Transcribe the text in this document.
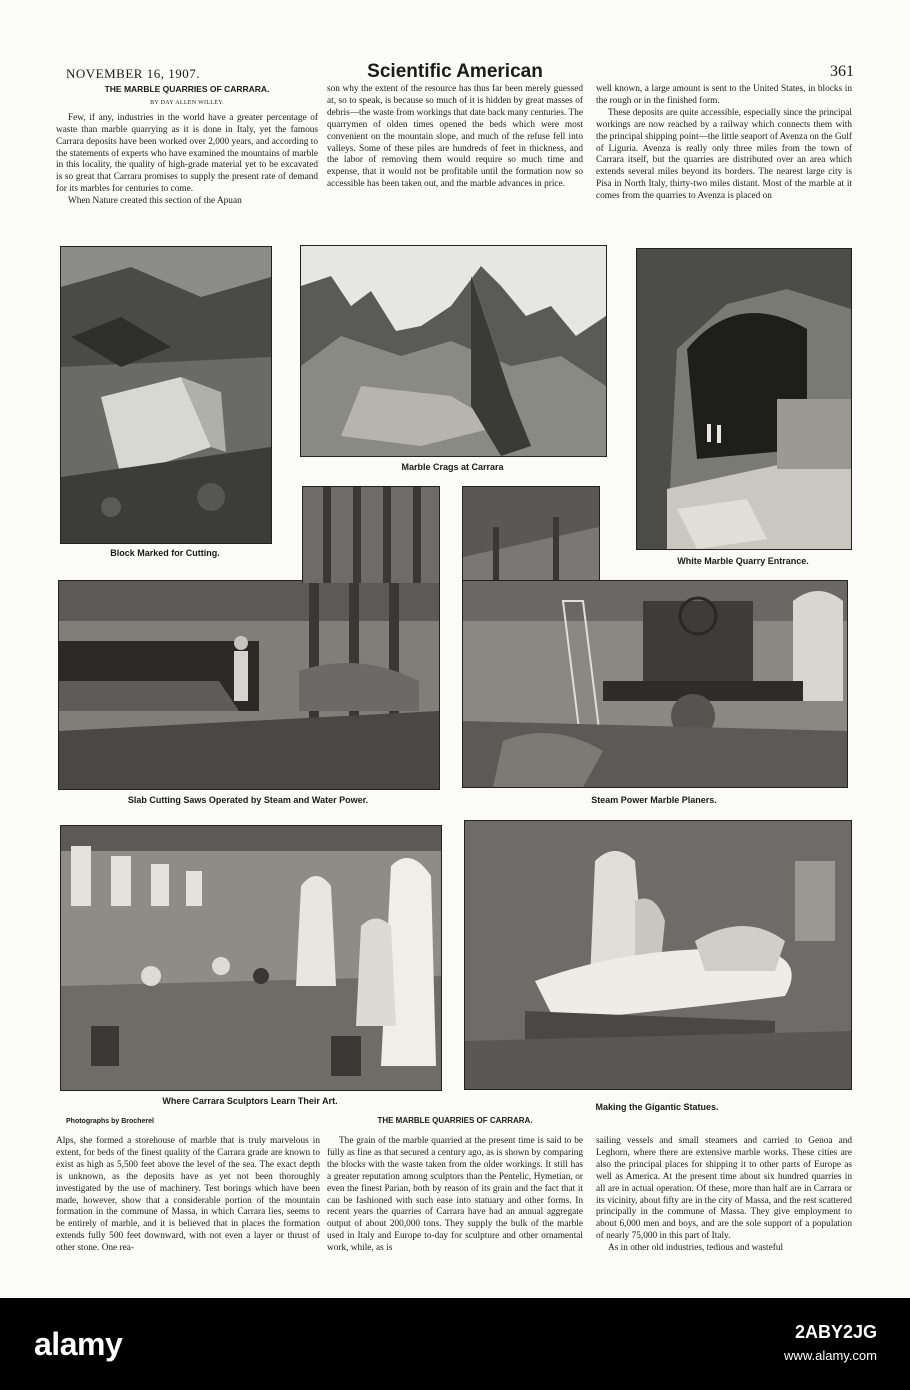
NOVEMBER 16, 1907.	Scientific American	361
THE MARBLE QUARRIES OF CARRARA.
BY DAY ALLEN WILLEY.

Few, if any, industries in the world have a greater percentage of waste than marble quarrying as it is done in Italy, yet the famous Carrara deposits have been worked over 2,000 years, and according to the statements of experts who have examined the mountains of marble in this locality, the quality of high-grade material yet to be excavated is so great that Carrara promises to supply the present rate of demand for its marbles for centuries to come.

When Nature created this section of the Apuan

son why the extent of the resource has thus far been merely guessed at, so to speak, is because so much of it is hidden by great masses of debris—the waste from workings that date back many centuries. The quarrymen of olden times opened the beds which were most convenient on the mountain slope, and much of the refuse fell into valleys. Some of these piles are hundreds of feet in thickness, and the labor of removing them would require so much time and expense, that it would not be profitable until the formation now so accessible has been taken out, and the marble advances in price.

well known, a large amount is sent to the United States, in blocks in the rough or in the finished form.

These deposits are quite accessible, especially since the principal workings are now reached by a railway which connects them with the principal shipping point—the little seaport of Avenza on the Gulf of Liguria. Avenza is really only three miles from the town of Carrara itself, but the quarries are distributed over an area which extends several miles beyond its borders. The nearest large city is Pisa in North Italy, thirty-two miles distant. Most of the marble at it comes from the quarries to Avenza is placed on

Block Marked for Cutting.
Marble Crags at Carrara
White Marble Quarry Entrance.
Slab Cutting Saws Operated by Steam and Water Power.	Steam Power Marble Planers.
Where Carrara Sculptors Learn Their Art.
Making the Gigantic Statues.
Photographs by Brocherel	THE MARBLE QUARRIES OF CARRARA.

Alps, she formed a storehouse of marble that is truly marvelous in extent, for beds of the finest quality of the Carrara grade are known to exist as high as 5,500 feet above the level of the sea. The exact depth is unknown, as the deposits have as yet not been thoroughly investigated by the use of machinery. Test borings which have been made, however, show that a considerable portion of the mountain formation in the commune of Massa, in which Carrara lies, seems to be entirely of marble, and it is believed that in places the formation extends fully 500 feet downward, with not even a layer or thrust of other stone. One rea-

The grain of the marble quarried at the present time is said to be fully as fine as that secured a century ago, as is shown by comparing the blocks with the waste taken from the older workings. It still has a greater reputation among sculptors than the Pentelic, Hymetian, or even the finest Parian, both by reason of its grain and the fact that it can be fashioned with such ease into statuary and other forms. In recent years the quarries of Carrara have had an annual aggregate output of about 200,000 tons. They supply the bulk of the marble used in Italy and Europe to-day for sculpture and other ornamental work, while, as is

sailing vessels and small steamers and carried to Genoa and Leghorn, where there are extensive marble works. These cities are also the principal places for shipping it to other parts of Europe as well as America. At the present time about six hundred quarries in all are in actual operation. Of these, more than half are in Carrara or its vicinity, about fifty are in the city of Massa, and the rest scattered principally in the commune of Massa. They give employment to about 6,000 men and boys, and are the sole support of a population of nearly 75,000 in this part of Italy.

As in other old industries, tedious and wasteful

alamy	2ABY2JG
www.alamy.com
